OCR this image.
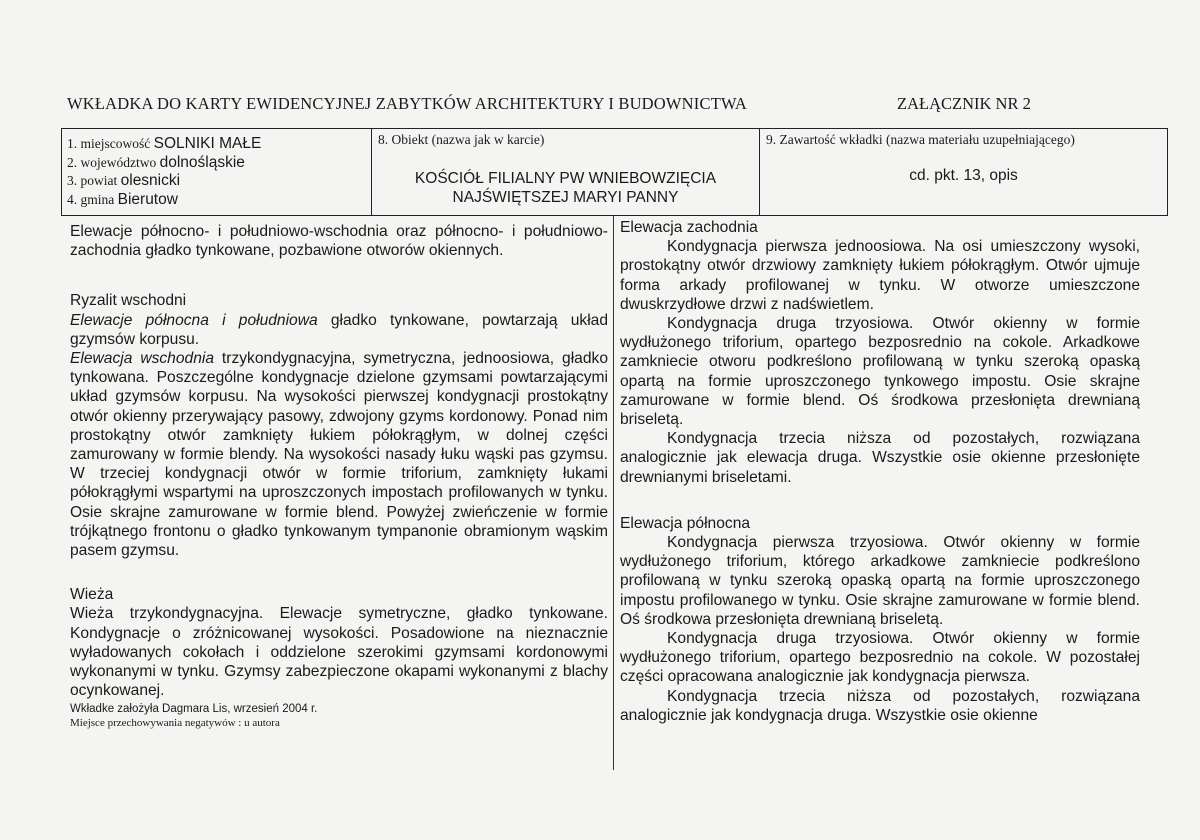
WKŁADKA DO KARTY EWIDENCYJNEJ ZABYTKÓW ARCHITEKTURY I BUDOWNICTWA	ZAŁĄCZNIK NR 2
1. miejscowość SOLNIKI MAŁE
2. województwo dolnośląskie
3. powiat olesnicki
4. gmina Bierutow
8. Obiekt (nazwa jak w karcie)
KOŚCIÓŁ FILIALNY PW WNIEBOWZIĘCIA
NAJŚWIĘTSZEJ MARYI PANNY
9. Zawartość wkładki (nazwa materiału uzupełniającego)
cd. pkt. 13, opis

Elewacje północno- i południowo-wschodnia oraz północno- i południowo- zachodnia gładko tynkowane, pozbawione otworów okiennych.

Ryzalit wschodni

Elewacje północna i południowa gładko tynkowane, powtarzają układ gzymsów korpusu.

Elewacja wschodnia trzykondygnacyjna, symetryczna, jednoosiowa, gładko tynkowana. Poszczególne kondygnacje dzielone gzymsami powtarzającymi układ gzymsów korpusu. Na wysokości pierwszej kondygnacji prostokątny otwór okienny przerywający pasowy, zdwojony gzyms kordonowy. Ponad nim prostokątny otwór zamknięty łukiem półokrągłym, w dolnej części zamurowany w formie blendy. Na wysokości nasady łuku wąski pas gzymsu. W trzeciej kondygnacji otwór w formie triforium, zamknięty łukami półokrągłymi wspartymi na uproszczonych impostach profilowanych w tynku. Osie skrajne zamurowane w formie blend. Powyżej zwieńczenie w formie trójkątnego frontonu o gładko tynkowanym tympanonie obramionym wąskim pasem gzymsu.

Wieża

Wieża trzykondygnacyjna. Elewacje symetryczne, gładko tynkowane. Kondygnacje o zróżnicowanej wysokości. Posadowione na nieznacznie wyładowanych cokołach i oddzielone szerokimi gzymsami kordonowymi wykonanymi w tynku. Gzymsy zabezpieczone okapami wykonanymi z blachy ocynkowanej.

Wkładke założyła Dagmara Lis, wrzesień 2004 r.
Miejsce przechowywania negatywów : u autora

Elewacja zachodnia

Kondygnacja pierwsza jednoosiowa. Na osi umieszczony wysoki, prostokątny otwór drzwiowy zamknięty łukiem półokrągłym. Otwór ujmuje forma arkady profilowanej w tynku. W otworze umieszczone dwuskrzydłowe drzwi z nadświetlem.

Kondygnacja druga trzyosiowa. Otwór okienny w formie wydłużonego triforium, opartego bezposrednio na cokole. Arkadkowe zamkniecie otworu podkreślono profilowaną w tynku szeroką opaską opartą na formie uproszczonego tynkowego impostu. Osie skrajne zamurowane w formie blend. Oś środkowa przesłonięta drewnianą briseletą.

Kondygnacja trzecia niższa od pozostałych, rozwiązana analogicznie jak elewacja druga. Wszystkie osie okienne przesłonięte drewnianymi briseletami.

Elewacja północna

Kondygnacja pierwsza trzyosiowa. Otwór okienny w formie wydłużonego triforium, którego arkadkowe zamkniecie podkreślono profilowaną w tynku szeroką opaską opartą na formie uproszczonego impostu profilowanego w tynku. Osie skrajne zamurowane w formie blend. Oś środkowa przesłonięta drewnianą briseletą.

Kondygnacja druga trzyosiowa. Otwór okienny w formie wydłużonego triforium, opartego bezposrednio na cokole. W pozostałej części opracowana analogicznie jak kondygnacja pierwsza.

Kondygnacja trzecia niższa od pozostałych, rozwiązana analogicznie jak kondygnacja druga. Wszystkie osie okienne
